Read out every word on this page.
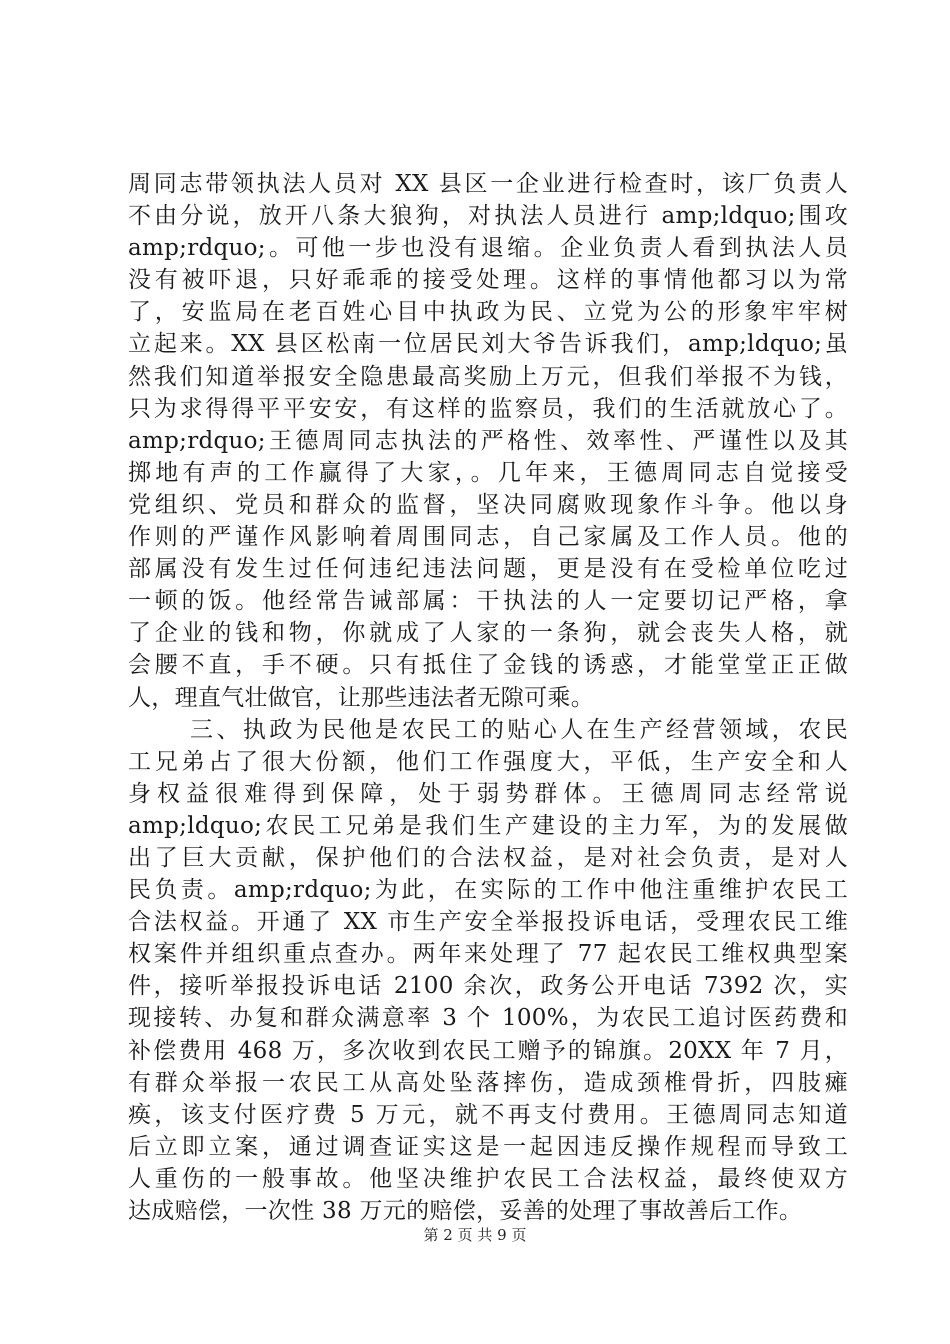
周同志带领执法人员对 XX 县区一企业进行检查时，该厂负责人
不由分说，放开八条大狼狗，对执法人员进行 amp;ldquo;围攻
amp;rdquo;。可他一步也没有退缩。企业负责人看到执法人员
没有被吓退，只好乖乖的接受处理。这样的事情他都习以为常
了，安监局在老百姓心目中执政为民、立党为公的形象牢牢树
立起来。XX 县区松南一位居民刘大爷告诉我们，amp;ldquo;虽
然我们知道举报安全隐患最高奖励上万元，但我们举报不为钱，
只为求得得平平安安，有这样的监察员，我们的生活就放心了。
amp;rdquo;王德周同志执法的严格性、效率性、严谨性以及其
掷地有声的工作赢得了大家，。几年来，王德周同志自觉接受
党组织、党员和群众的监督，坚决同腐败现象作斗争。他以身
作则的严谨作风影响着周围同志，自己家属及工作人员。他的
部属没有发生过任何违纪违法问题，更是没有在受检单位吃过
一顿的饭。他经常告诫部属：干执法的人一定要切记严格，拿
了企业的钱和物，你就成了人家的一条狗，就会丧失人格，就
会腰不直，手不硬。只有抵住了金钱的诱惑，才能堂堂正正做
人，理直气壮做官，让那些违法者无隙可乘。
三、执政为民他是农民工的贴心人在生产经营领域，农民
工兄弟占了很大份额，他们工作强度大，平低，生产安全和人
身权益很难得到保障，处于弱势群体。王德周同志经常说
amp;ldquo;农民工兄弟是我们生产建设的主力军，为的发展做
出了巨大贡献，保护他们的合法权益，是对社会负责，是对人
民负责。amp;rdquo;为此，在实际的工作中他注重维护农民工
合法权益。开通了 XX 市生产安全举报投诉电话，受理农民工维
权案件并组织重点查办。两年来处理了 77 起农民工维权典型案
件，接听举报投诉电话 2100 余次，政务公开电话 7392 次，实
现接转、办复和群众满意率 3 个 100%，为农民工追讨医药费和
补偿费用 468 万，多次收到农民工赠予的锦旗。20XX 年 7 月，
有群众举报一农民工从高处坠落摔伤，造成颈椎骨折，四肢瘫
痪，该支付医疗费 5 万元，就不再支付费用。王德周同志知道
后立即立案，通过调查证实这是一起因违反操作规程而导致工
人重伤的一般事故。他坚决维护农民工合法权益，最终使双方
达成赔偿，一次性 38 万元的赔偿，妥善的处理了事故善后工作。
第 2 页 共 9 页
